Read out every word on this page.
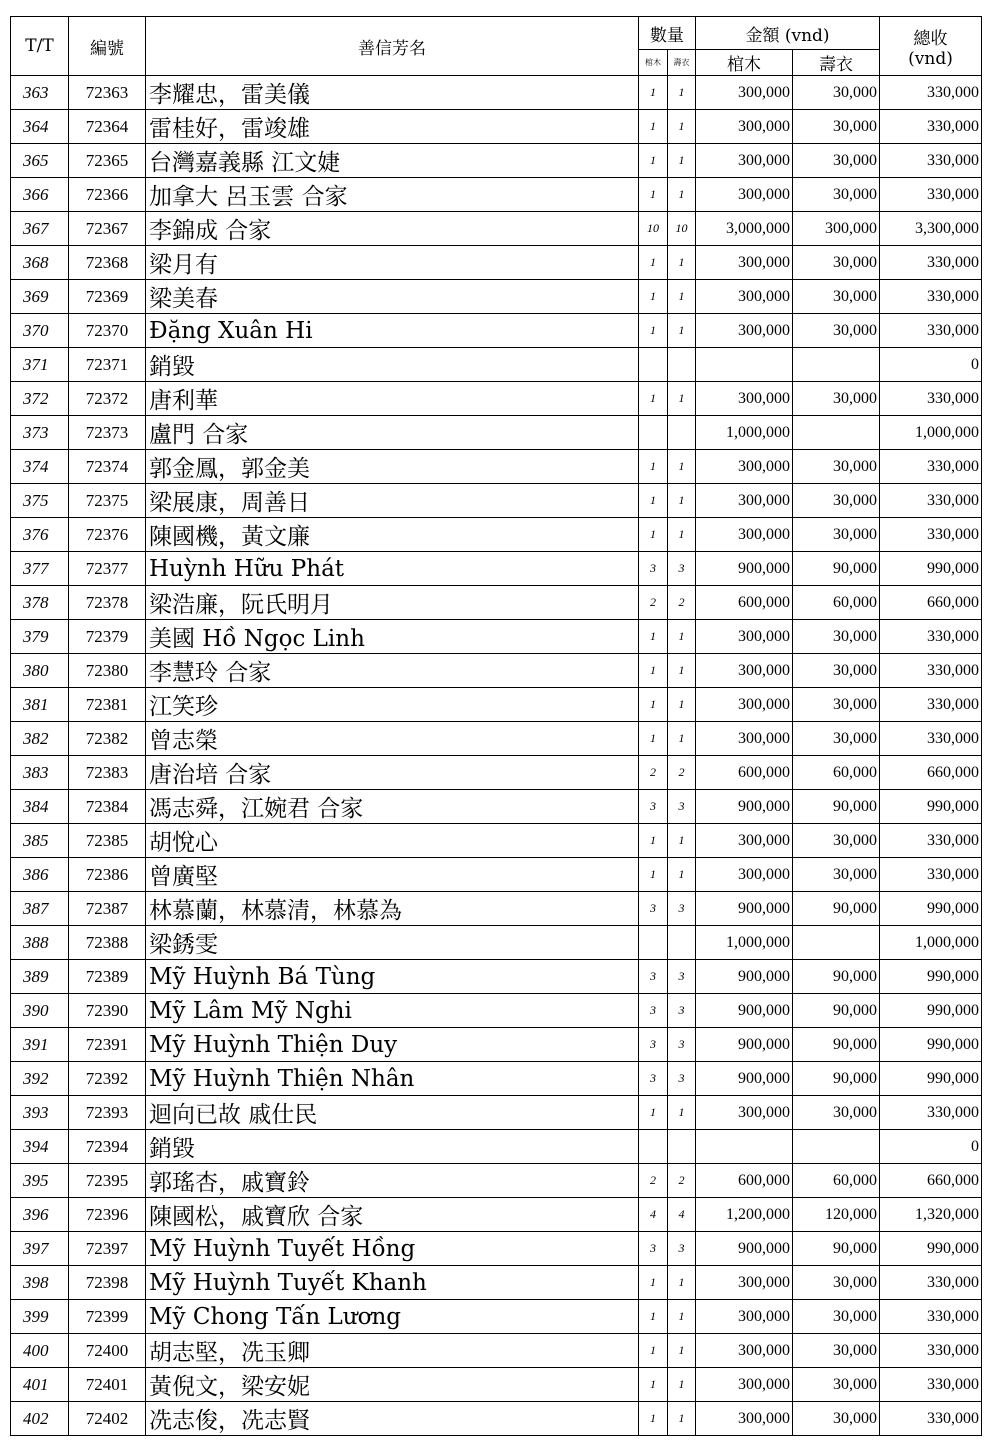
T/T	編號	善信芳名	數量		金額 (vnd)		總收
(vnd)

			棺木	壽衣	棺木	壽衣	
363	72363	李耀忠，雷美儀	1	1	300,000	30,000	330,000
364	72364	雷桂好，雷竣雄	1	1	300,000	30,000	330,000
365	72365	台灣嘉義縣 江文婕	1	1	300,000	30,000	330,000
366	72366	加拿大 呂玉雲 合家	1	1	300,000	30,000	330,000
367	72367	李錦成 合家	10	10	3,000,000	300,000	3,300,000
368	72368	梁月有	1	1	300,000	30,000	330,000
369	72369	梁美春	1	1	300,000	30,000	330,000
370	72370	Đặng Xuân Hi	1	1	300,000	30,000	330,000
371	72371	銷毀					0
372	72372	唐利華	1	1	300,000	30,000	330,000
373	72373	盧門 合家			1,000,000		1,000,000
374	72374	郭金鳳，郭金美	1	1	300,000	30,000	330,000
375	72375	梁展康，周善日	1	1	300,000	30,000	330,000
376	72376	陳國機，黃文廉	1	1	300,000	30,000	330,000
377	72377	Huỳnh Hữu Phát	3	3	900,000	90,000	990,000
378	72378	梁浩廉，阮氏明月	2	2	600,000	60,000	660,000
379	72379	美國 Hồ Ngọc Linh	1	1	300,000	30,000	330,000
380	72380	李慧玲 合家	1	1	300,000	30,000	330,000
381	72381	江笑珍	1	1	300,000	30,000	330,000
382	72382	曾志榮	1	1	300,000	30,000	330,000
383	72383	唐治培 合家	2	2	600,000	60,000	660,000
384	72384	馮志舜，江婉君 合家	3	3	900,000	90,000	990,000
385	72385	胡悅心	1	1	300,000	30,000	330,000
386	72386	曾廣堅	1	1	300,000	30,000	330,000
387	72387	林慕蘭，林慕清，林慕為	3	3	900,000	90,000	990,000
388	72388	梁銹雯			1,000,000		1,000,000
389	72389	Mỹ Huỳnh Bá Tùng	3	3	900,000	90,000	990,000
390	72390	Mỹ Lâm Mỹ Nghi	3	3	900,000	90,000	990,000
391	72391	Mỹ Huỳnh Thiện Duy	3	3	900,000	90,000	990,000
392	72392	Mỹ Huỳnh Thiện Nhân	3	3	900,000	90,000	990,000
393	72393	迴向已故 戚仕民	1	1	300,000	30,000	330,000
394	72394	銷毀					0
395	72395	郭瑤杏，戚寶鈴	2	2	600,000	60,000	660,000
396	72396	陳國松，戚寶欣 合家	4	4	1,200,000	120,000	1,320,000
397	72397	Mỹ Huỳnh Tuyết Hồng	3	3	900,000	90,000	990,000
398	72398	Mỹ Huỳnh Tuyết Khanh	1	1	300,000	30,000	330,000
399	72399	Mỹ Chong Tấn Lương	1	1	300,000	30,000	330,000
400	72400	胡志堅，冼玉卿	1	1	300,000	30,000	330,000
401	72401	黃倪文，梁安妮	1	1	300,000	30,000	330,000
402	72402	冼志俊，冼志賢	1	1	300,000	30,000	330,000
